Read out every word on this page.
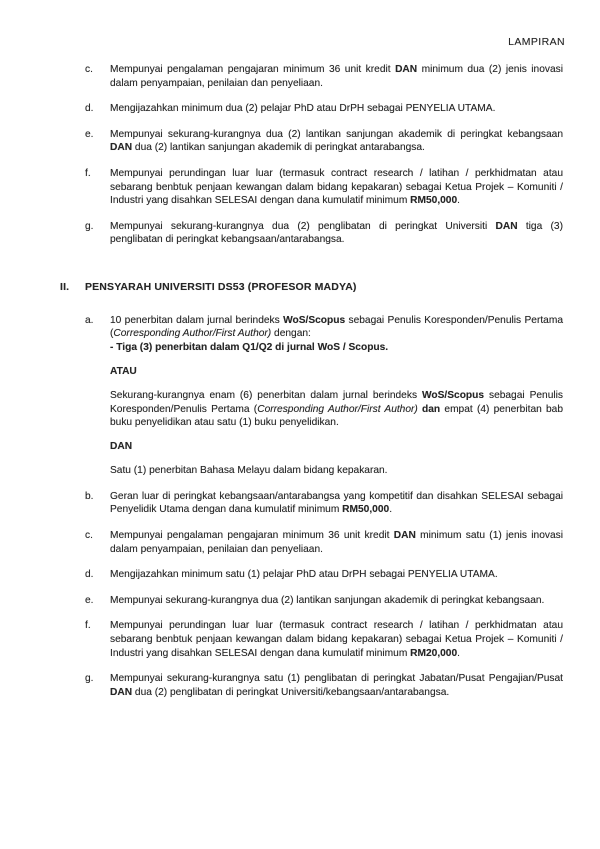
LAMPIRAN
c.	Mempunyai pengalaman pengajaran minimum 36 unit kredit DAN minimum dua (2) jenis inovasi dalam penyampaian, penilaian dan penyeliaan.
d.	Mengijazahkan minimum dua (2) pelajar PhD atau DrPH sebagai PENYELIA UTAMA.
e.	Mempunyai sekurang-kurangnya dua (2) lantikan sanjungan akademik di peringkat kebangsaan DAN dua (2) lantikan sanjungan akademik di peringkat antarabangsa.
f.	Mempunyai perundingan luar luar (termasuk contract research / latihan / perkhidmatan atau sebarang benbtuk penjaan kewangan dalam bidang kepakaran) sebagai Ketua Projek – Komuniti / Industri yang disahkan SELESAI dengan dana kumulatif minimum RM50,000.
g.	Mempunyai sekurang-kurangnya dua (2) penglibatan di peringkat Universiti DAN tiga (3) penglibatan di peringkat kebangsaan/antarabangsa.
II.	PENSYARAH UNIVERSITI DS53 (PROFESOR MADYA)
a.	10 penerbitan dalam jurnal berindeks WoS/Scopus sebagai Penulis Koresponden/Penulis Pertama (Corresponding Author/First Author) dengan:
- Tiga (3) penerbitan dalam Q1/Q2 di jurnal WoS / Scopus.
ATAU
Sekurang-kurangnya enam (6) penerbitan dalam jurnal berindeks WoS/Scopus sebagai Penulis Koresponden/Penulis Pertama (Corresponding Author/First Author) dan empat (4) penerbitan bab buku penyelidikan atau satu (1) buku penyelidikan.
DAN
Satu (1) penerbitan Bahasa Melayu dalam bidang kepakaran.
b.	Geran luar di peringkat kebangsaan/antarabangsa yang kompetitif dan disahkan SELESAI sebagai Penyelidik Utama dengan dana kumulatif minimum RM50,000.
c.	Mempunyai pengalaman pengajaran minimum 36 unit kredit DAN minimum satu (1) jenis inovasi dalam penyampaian, penilaian dan penyeliaan.
d.	Mengijazahkan minimum satu (1) pelajar PhD atau DrPH sebagai PENYELIA UTAMA.
e.	Mempunyai sekurang-kurangnya dua (2) lantikan sanjungan akademik di peringkat kebangsaan.
f.	Mempunyai perundingan luar luar (termasuk contract research / latihan / perkhidmatan atau sebarang benbtuk penjaan kewangan dalam bidang kepakaran) sebagai Ketua Projek – Komuniti / Industri yang disahkan SELESAI dengan dana kumulatif minimum RM20,000.
g.	Mempunyai sekurang-kurangnya satu (1) penglibatan di peringkat Jabatan/Pusat Pengajian/Pusat DAN dua (2) penglibatan di peringkat Universiti/kebangsaan/antarabangsa.
